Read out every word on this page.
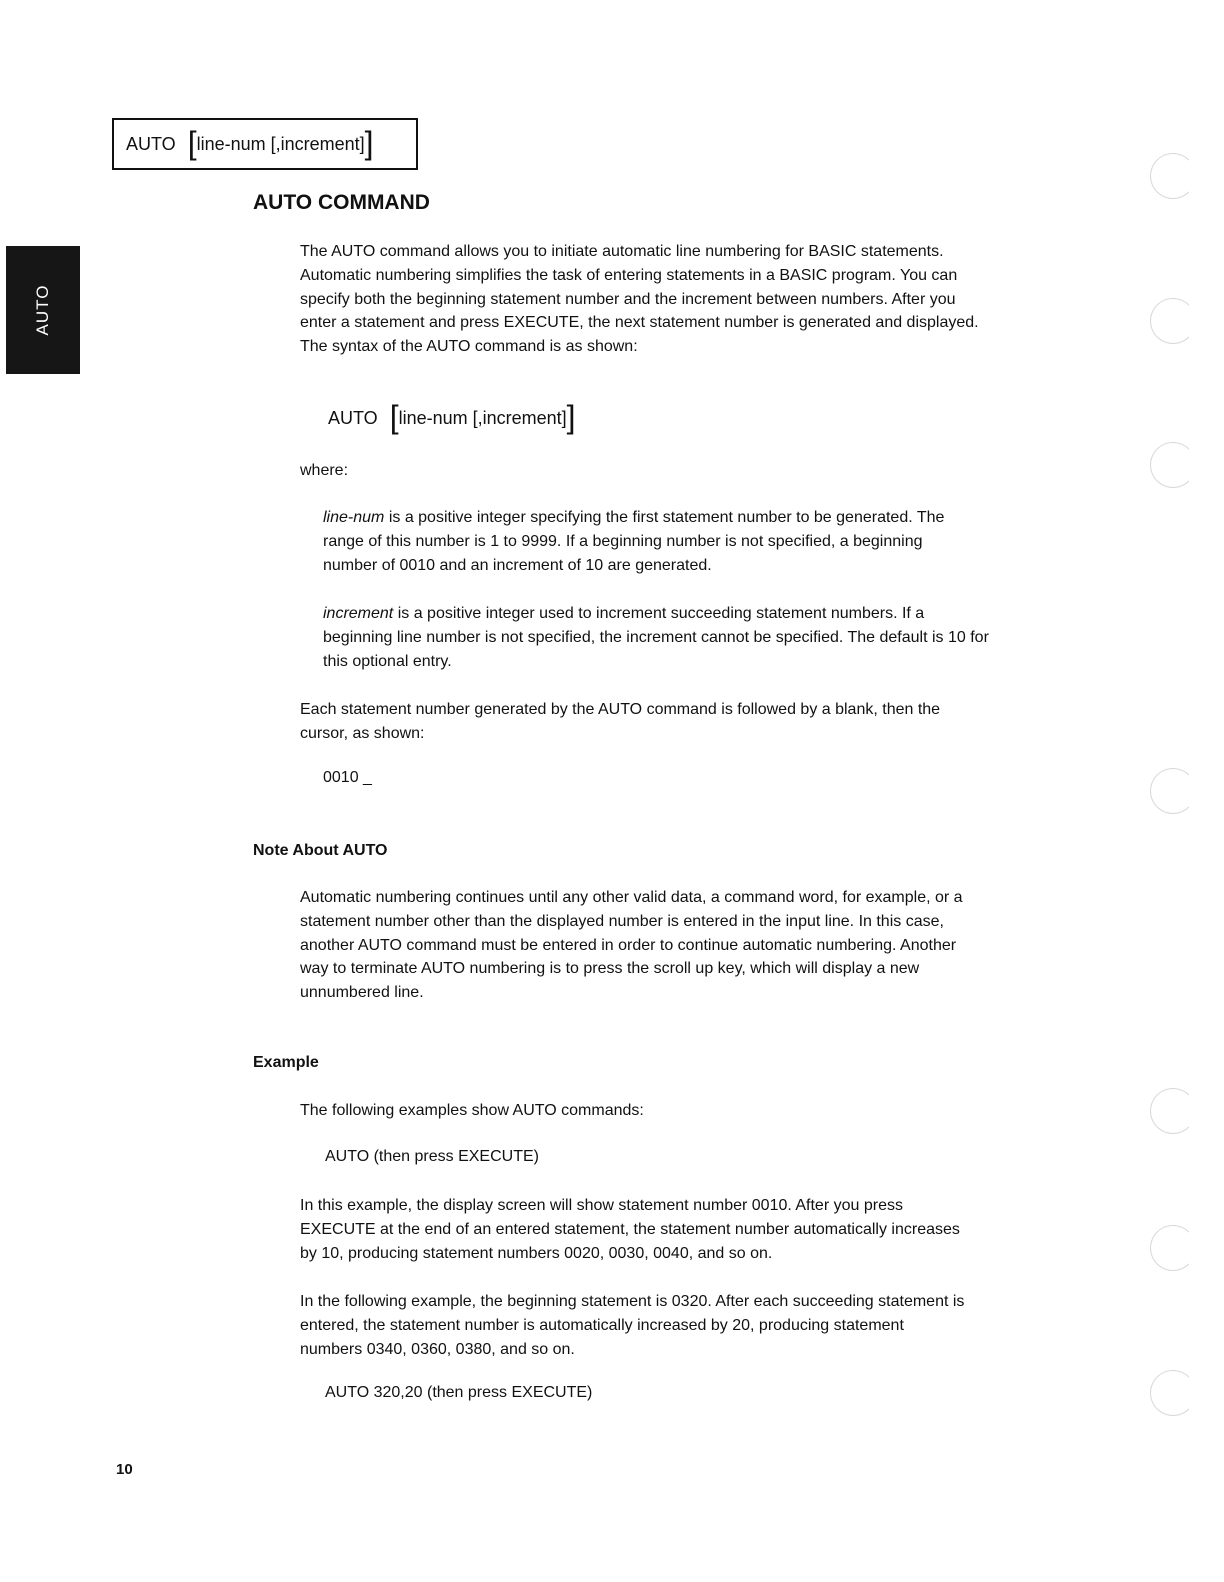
AUTO [ line-num [,increment] ]
AUTO
AUTO COMMAND

The AUTO command allows you to initiate automatic line numbering for BASIC statements. Automatic numbering simplifies the task of entering statements in a BASIC program. You can specify both the beginning statement number and the increment between numbers. After you enter a statement and press EXECUTE, the next statement number is generated and displayed. The syntax of the AUTO command is as shown:

AUTO [ line-num [,increment] ]

where:

line-num is a positive integer specifying the first statement number to be generated. The range of this number is 1 to 9999. If a beginning number is not specified, a beginning number of 0010 and an increment of 10 are generated.

increment is a positive integer used to increment succeeding statement numbers. If a beginning line number is not specified, the increment cannot be specified. The default is 10 for this optional entry.

Each statement number generated by the AUTO command is followed by a blank, then the cursor, as shown:

0010 _
Note About AUTO

Automatic numbering continues until any other valid data, a command word, for example, or a statement number other than the displayed number is entered in the input line. In this case, another AUTO command must be entered in order to continue automatic numbering. Another way to terminate AUTO numbering is to press the scroll up key, which will display a new unnumbered line.

Example

The following examples show AUTO commands:

AUTO (then press EXECUTE)

In this example, the display screen will show statement number 0010. After you press EXECUTE at the end of an entered statement, the statement number automatically increases by 10, producing statement numbers 0020, 0030, 0040, and so on.

In the following example, the beginning statement is 0320. After each succeeding statement is entered, the statement number is automatically increased by 20, producing statement numbers 0340, 0360, 0380, and so on.

AUTO 320,20 (then press EXECUTE)
10
